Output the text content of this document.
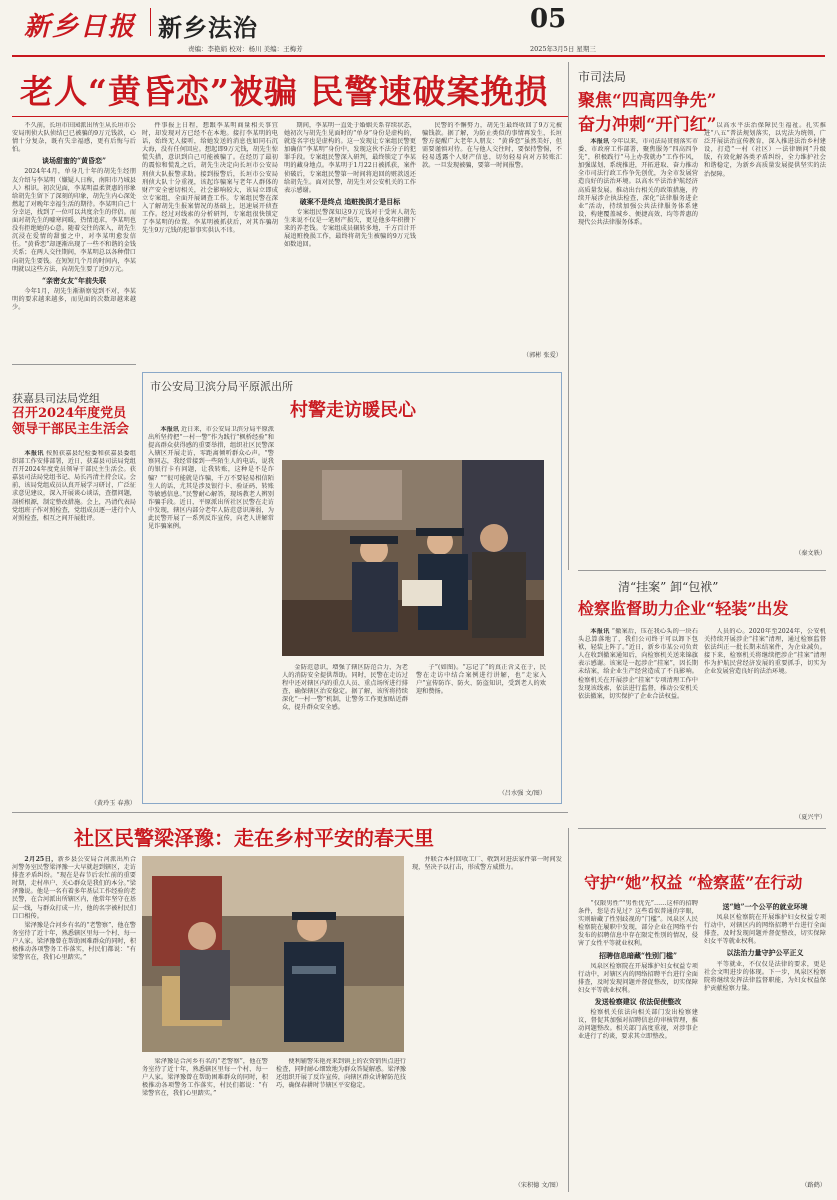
新乡日报 新乡法治	05
责编：李艳娟 校对：杨川 美编：王梅芳	2025年3月5日 星期三
老人“黄昏恋”被骗 民警速破案挽损

不久前，长垣市田园派出所生从长垣市公安局刑侦大队侦结已已被骗的9万元钱款，心情十分复杂，既有失幸福感，更有后悔与后怕。

谈场甜蜜的“黄昏恋”

2024年4月，单身几十年的胡先生经朋友介绍与李某明（嫌疑人日称，南阳市乃城县人）相识。初次见面，李某明温柔贤惠的形象给胡先生留下了深刻的印象，胡先生内心深处燃起了对晚年幸福生活的期待。李某明自己十分幸运，找到了一位可以共度余生的伴侣。而面对胡先生的嘘寒问暖，热情追求，李某明也没有拒绝她的心意。随着交往的深入，胡先生沉浸在爱情的甜蜜之中，对李某明愈发信任。“黄昏恋”却逐渐出现了一些不和谐的金钱关系；在两人交往期间，李某明总以各种借口向胡先生要钱。在短短几个月的时间内，李某明就以这些方法，向胡先生要了近9万元。

“亲密女友”年前失联

今年1月，胡先生渐渐察觉到不对，李某明的要求越来越多，而见面的次数却越来越少。

件事报上日程，想跟李某明商量相关事宜时，却发现对方已经不在本地。接打李某明的电话，始终无人接听，给她发送的消息也如同石沉大海，没有任何回应。想起即9万元钱，胡先生惊慌失措，意识到自己可能被骗了。在经历了最初的震惊和慌乱之后，胡先生决定向长垣市公安局刑侦大队报警求助。接到报警后，长垣市公安局刑侦大队十分重视，该起诈骗案与老年人群体的财产安全密切相关，社会影响较大，该局立即成立专案组，全面开展调查工作。专案组民警在深入了解胡先生报案情况的基础上，迅速展开侦查工作。经过对线索的分析研判，专案组很快锁定了李某明的位置。李某明被抓获后，对其诈骗胡先生9万元钱的犯罪事实供认不讳。

期间，李某明一直处于婚姻关系存续状态，她初次与胡先生见面时的“单身”身份是虚构的，就连名字也是虚构的。这一发现让专案组民警更加确信“李某明”身份中，发现这伙不法分子的犯罪手段。专案组民警深入研判，最终锁定了李某明的藏身地点。李某明于1月22日被抓获，案件侦破后，专案组民警第一时间将追回的赃款返还给胡先生。面对民警，胡先生对公安机关的工作表示感谢。

破案不是终点 追赃挽损才是目标

专案组民警深知这9万元钱对于受害人胡先生来说不仅是一笔财产损失，更是他多年积攒下来的养老钱。专案组成员辗转多地，千方百计开展追赃挽损工作，最终将胡先生被骗的9万元钱如数追回。

民警的不懈努力，胡先生最终收回了9万元被骗钱款。据了解，为防止类似的事情再发生，长垣警方提醒广大老年人朋友：“黄昏恋”虽然美好，但需要谨慎对待。在与他人交往时，要保持警惕，不轻易透露个人财产信息，切勿轻易向对方转账汇款。一旦发现被骗，要第一时间报警。

（郭彬 张爱）
市司法局
聚焦“四高四争先”
奋力冲刺“开门红”

本报讯 今年以来，市司法局贯彻落实市委、市政府工作部署，聚焦服务“四高四争先”，积极践行“马上办我就办”工作作风，加强谋划、系统推进，开拓进取、奋力推动全市司法行政工作争先创优，为全市发展营造良好的法治环境。以高水平法治护航经济高质量发展。推动出台相关的政策措施，持续开展涉企执法检查，深化“法律服务进企业”活动，持续加强公共法律服务体系建设，构建覆盖城乡、便捷高效、均等普惠的现代公共法律服务体系。

以高水平法治保障民生福祉。扎实推进“八五”普法规划落实，以宪法为统领，广泛开展法治宣传教育，深入推进法治乡村建设，打造“一村（社区）一法律顾问”升级版，有效化解各类矛盾纠纷，全力维护社会和谐稳定，为新乡高质量发展提供坚实的法治保障。

（秦文轶）
获嘉县司法局党组
召开2024年度党员领导干部民主生活会

本报讯 按照获嘉县纪检委和获嘉县委组织部工作安排部署，近日，获嘉县司法局党组召开2024年度党员领导干部民主生活会。获嘉县司法局党组书记、局长冯清主持会议。会前，该局党组成员认真开展学习研讨，广泛征求意见建议，深入开展谈心谈话，查摆问题，剖析根源，制定整改措施。会上，冯清代表局党组班子作对照检查，党组成员逐一进行个人对照检查，相互之间开展批评。

（黄玲玉 春燕）
市公安局卫滨分局平原派出所
村警走访暖民心

本报讯 近日来，市公安局卫滨分局平原派出所坚持把“一村一警”作为践行“枫桥经验”和提高群众获得感的重要举措，组织社区民警深入辖区开展走访，零距离倾听群众心声。“警察同志，我经常接到一些陌生人的电话，说我的银行卡有问题，让我转账，这种是不是诈骗？”“很可能就是诈骗，千万不要轻易相信陌生人的话，尤其是涉及银行卡、验证码、转账等敏感信息。”民警耐心解答，现场教老人辨别诈骗手段。近日，平原派出所社区民警在走访中发现，辖区内部分老年人防范意识薄弱，为此民警开展了一系列反诈宣传，向老人讲解常见诈骗案例。

金防范意识，增强了辖区防范合力，为老人的消防安全提供帮助。同时，民警在走访过程中还对辖区内的重点人员、重点场所进行排查，确保辖区治安稳定。据了解，该所将持续深化“一村一警”机制，让警务工作更加贴近群众，提升群众安全感。

子”(如图)。“忘记了”的真正含义在于，民警在走访中结合案例进行讲解，也“走家入户”宣传防诈、防火、防盗知识，受到老人的欢迎和赞扬。

（吕水强 文/图）
清“挂案” 卸“包袱”
检察监督助力企业“轻装”出发

本报讯 “撤案后，压在我心头的一块石头总算落地了，我们公司终于可以卸下包袱，轻装上阵了。”近日，新乡市某公司负责人在收到撤案通知后，向检察机关送来锦旗表示感谢。该案是一起涉企“挂案”，因长期未结案，给企业生产经营造成了不良影响。检察机关在开展涉企“挂案”专项清理工作中发现该线索，依法进行监督，推动公安机关依法撤案，切实保护了企业合法权益。

人员的心。2020年至2024年，公安机关持续开展涉企“挂案”清理，通过检察监督依法纠正一批长期未结案件，为企业减负。接下来，检察机关将继续把涉企“挂案”清理作为护航民营经济发展的重要抓手，切实为企业发展营造良好的法治环境。

（夏兴宇）
社区民警梁泽豫：走在乡村平安的春天里

2月25日，新乡县公安局合河派出所合河警务室民警梁泽豫一大早就赶到辖区，走访排查矛盾纠纷。“现在是春节后农忙前的重要时期，走村串户、关心群众是我们的本分。”梁泽豫说。他是一名有着多年基层工作经验的老民警，在合河派出所辖区内，他常年坚守在基层一线，与群众打成一片，他的名字被村民们口口相传。

梁泽豫是合河乡有名的“老警察”，他在警务室待了近十年，熟悉辖区里每一个村、每一户人家。梁泽豫曾在帮助困难群众的同时，积极推动各项警务工作落实，村民们都说：“有梁警官在，我们心里踏实。”

梁泽豫是合河乡有名的“老警察”，他在警务室待了近十年，熟悉辖区里每一个村、每一户人家。梁泽豫曾在帮助困难群众的同时，积极推动各项警务工作落实，村民们都说：“有梁警官在，我们心里踏实。”

便利辅警朱艳亮来到镇上的农资销售点进行检查，同时耐心细致地为群众答疑解惑。梁泽豫还组织开展了反诈宣传，向辖区群众讲解防范技巧，确保春耕时节辖区平安稳定。

并联合本村回收工厂、敬到对进法家件第一时间发现，坚决予以打击，形成警方威慑力。

（宋积德 文/图）
守护“她”权益 “检察蓝”在行动

“仅限男性”“男性优先”……这样的招聘条件，您是否见过？这些看似普通的字眼，实则暗藏了性别歧视的“门槛”。凤泉区人民检察院在履职中发现，部分企业在网络平台发布的招聘信息中存在限定性别的情况，侵害了女性平等就业权利。

招聘信息暗藏“性别门槛”

凤泉区检察院在开展维护妇女权益专项行动中，对辖区内的网络招聘平台进行全面排查，及时发现问题并督促整改，切实保障妇女平等就业权利。

发送检察建议 依法促使整改

检察机关依法向相关部门发出检察建议，督促其加强对招聘信息的审核管理，推动问题整改。相关部门高度重视，对涉事企业进行了约谈，要求其立即整改。

送“她”一个公平的就业环境

凤泉区检察院在开展维护妇女权益专项行动中，对辖区内的网络招聘平台进行全面排查，及时发现问题并督促整改，切实保障妇女平等就业权利。

以法治力量守护公平正义

平等就业，不仅仅是法律的要求，更是社会文明进步的体现。下一步，凤泉区检察院将继续发挥法律监督职能，为妇女权益保护贡献检察力量。

（路鹤）
